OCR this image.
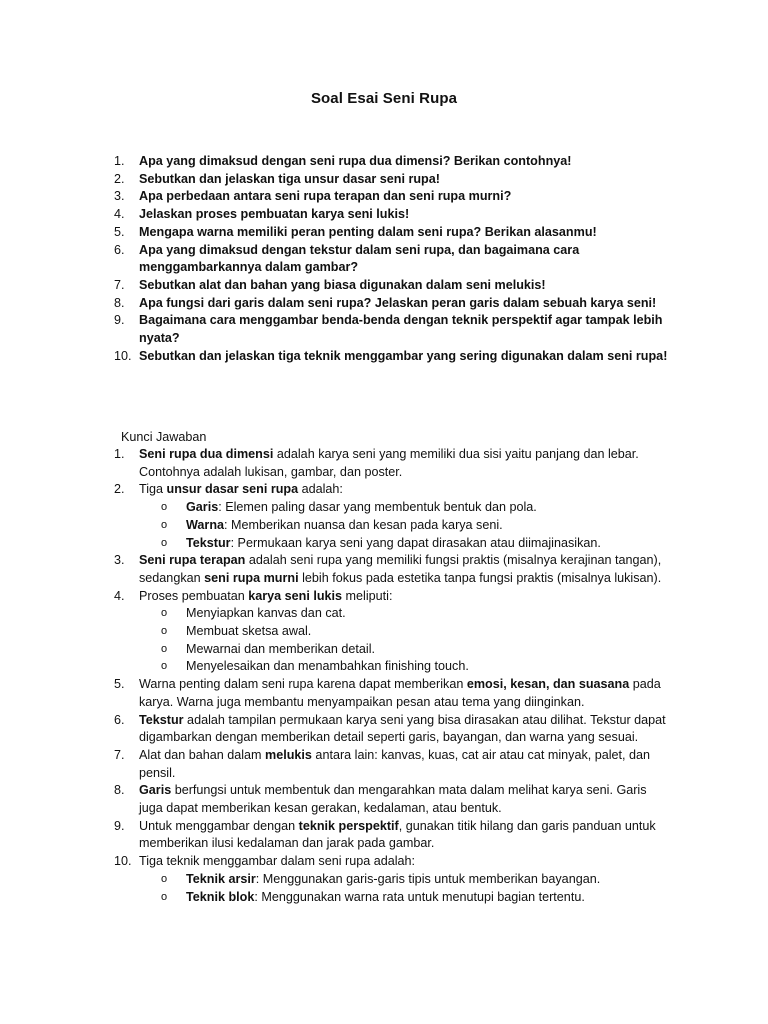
Soal Esai Seni Rupa
1.	Apa yang dimaksud dengan seni rupa dua dimensi? Berikan contohnya!
2.	Sebutkan dan jelaskan tiga unsur dasar seni rupa!
3.	Apa perbedaan antara seni rupa terapan dan seni rupa murni?
4.	Jelaskan proses pembuatan karya seni lukis!
5.	Mengapa warna memiliki peran penting dalam seni rupa? Berikan alasanmu!
6.	Apa yang dimaksud dengan tekstur dalam seni rupa, dan bagaimana cara menggambarkannya dalam gambar?
7.	Sebutkan alat dan bahan yang biasa digunakan dalam seni melukis!
8.	Apa fungsi dari garis dalam seni rupa? Jelaskan peran garis dalam sebuah karya seni!
9.	Bagaimana cara menggambar benda-benda dengan teknik perspektif agar tampak lebih nyata?
10. Sebutkan dan jelaskan tiga teknik menggambar yang sering digunakan dalam seni rupa!
Kunci Jawaban
1.	Seni rupa dua dimensi adalah karya seni yang memiliki dua sisi yaitu panjang dan lebar.
Contohnya adalah lukisan, gambar, dan poster.
2.	Tiga unsur dasar seni rupa adalah:
o Garis: Elemen paling dasar yang membentuk bentuk dan pola.
o Warna: Memberikan nuansa dan kesan pada karya seni.
o Tekstur: Permukaan karya seni yang dapat dirasakan atau diimajinasikan.
3.	Seni rupa terapan adalah seni rupa yang memiliki fungsi praktis (misalnya kerajinan tangan),
sedangkan seni rupa murni lebih fokus pada estetika tanpa fungsi praktis (misalnya lukisan).
4.	Proses pembuatan karya seni lukis meliputi:
o Menyiapkan kanvas dan cat.
o Membuat sketsa awal.
o Mewarnai dan memberikan detail.
o Menyelesaikan dan menambahkan finishing touch.
5.	Warna penting dalam seni rupa karena dapat memberikan emosi, kesan, dan suasana pada
karya. Warna juga membantu menyampaikan pesan atau tema yang diinginkan.
6.	Tekstur adalah tampilan permukaan karya seni yang bisa dirasakan atau dilihat. Tekstur dapat
digambarkan dengan memberikan detail seperti garis, bayangan, dan warna yang sesuai.
7.	Alat dan bahan dalam melukis antara lain: kanvas, kuas, cat air atau cat minyak, palet, dan
pensil.
8.	Garis berfungsi untuk membentuk dan mengarahkan mata dalam melihat karya seni. Garis
juga dapat memberikan kesan gerakan, kedalaman, atau bentuk.
9.	Untuk menggambar dengan teknik perspektif, gunakan titik hilang dan garis panduan untuk
memberikan ilusi kedalaman dan jarak pada gambar.
10. Tiga teknik menggambar dalam seni rupa adalah:
o Teknik arsir: Menggunakan garis-garis tipis untuk memberikan bayangan.
o Teknik blok: Menggunakan warna rata untuk menutupi bagian tertentu.
